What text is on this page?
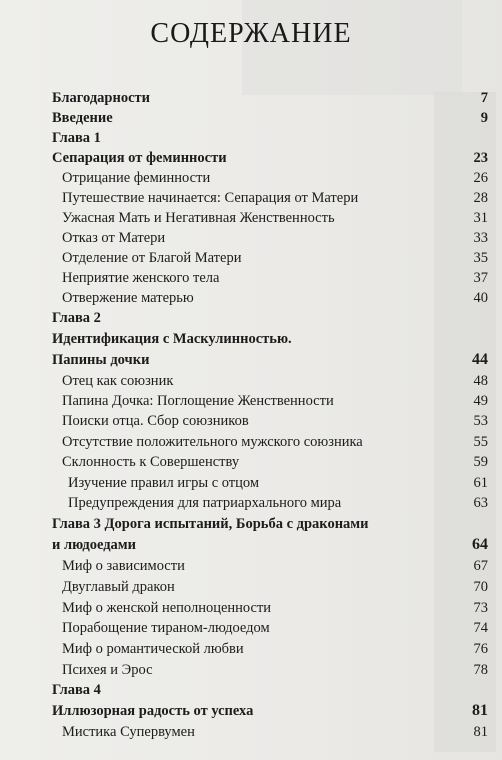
СОДЕРЖАНИЕ
Благодарности	7
Введение	9
Глава 1
Сепарация от феминности	23
Отрицание феминности	26
Путешествие начинается: Сепарация от Матери	28
Ужасная Мать и Негативная Женственность	31
Отказ от Матери	33
Отделение от Благой Матери	35
Неприятие женского тела	37
Отвержение матерью	40
Глава 2
Идентификация с Маскулинностью.
Папины дочки	44
Отец как союзник	48
Папина Дочка: Поглощение Женственности	49
Поиски отца. Сбор союзников	53
Отсутствие положительного мужского союзника	55
Склонность к Совершенству	59
Изучение правил игры с отцом	61
Предупреждения для патриархального мира	63
Глава 3 Дорога испытаний, Борьба с драконами
и людоедами	64
Миф о зависимости	67
Двуглавый дракон	70
Миф о женской неполноценности	73
Порабощение тираном-людоедом	74
Миф о романтической любви	76
Психея и Эрос	78
Глава 4
Иллюзорная радость от успеха	81
Мистика Супервумен	81
